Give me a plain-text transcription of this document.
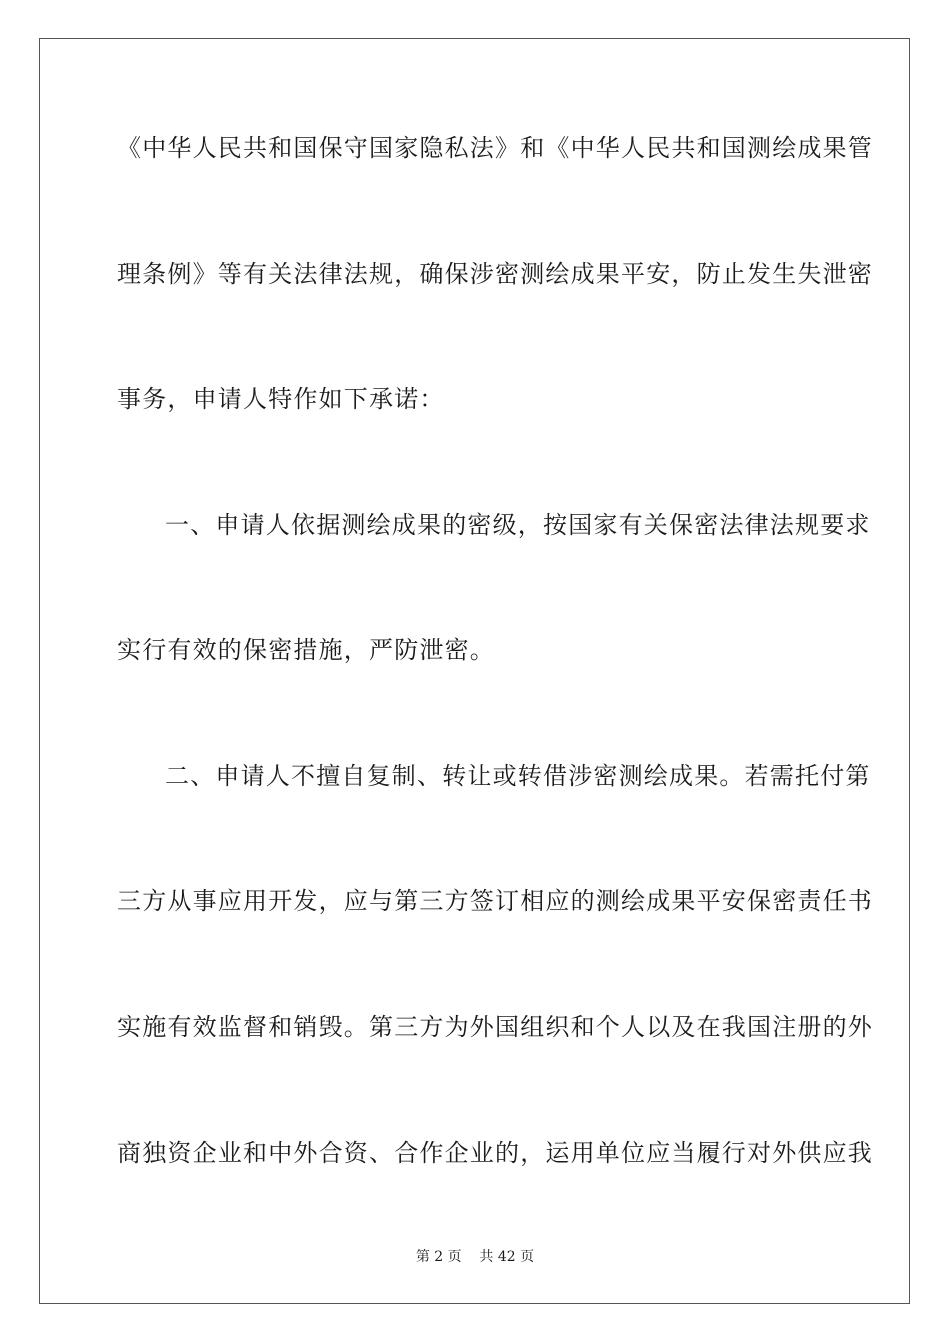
《中华人民共和国保守国家隐私法》和《中华人民共和国测绘成果管
理条例》等有关法律法规，确保涉密测绘成果平安，防止发生失泄密
事务，申请人特作如下承诺：
一、申请人依据测绘成果的密级，按国家有关保密法律法规要求
实行有效的保密措施，严防泄密。
二、申请人不擅自复制、转让或转借涉密测绘成果。若需托付第
三方从事应用开发，应与第三方签订相应的测绘成果平安保密责任书
实施有效监督和销毁。第三方为外国组织和个人以及在我国注册的外
商独资企业和中外合资、合作企业的，运用单位应当履行对外供应我
第 2 页    共 42 页
